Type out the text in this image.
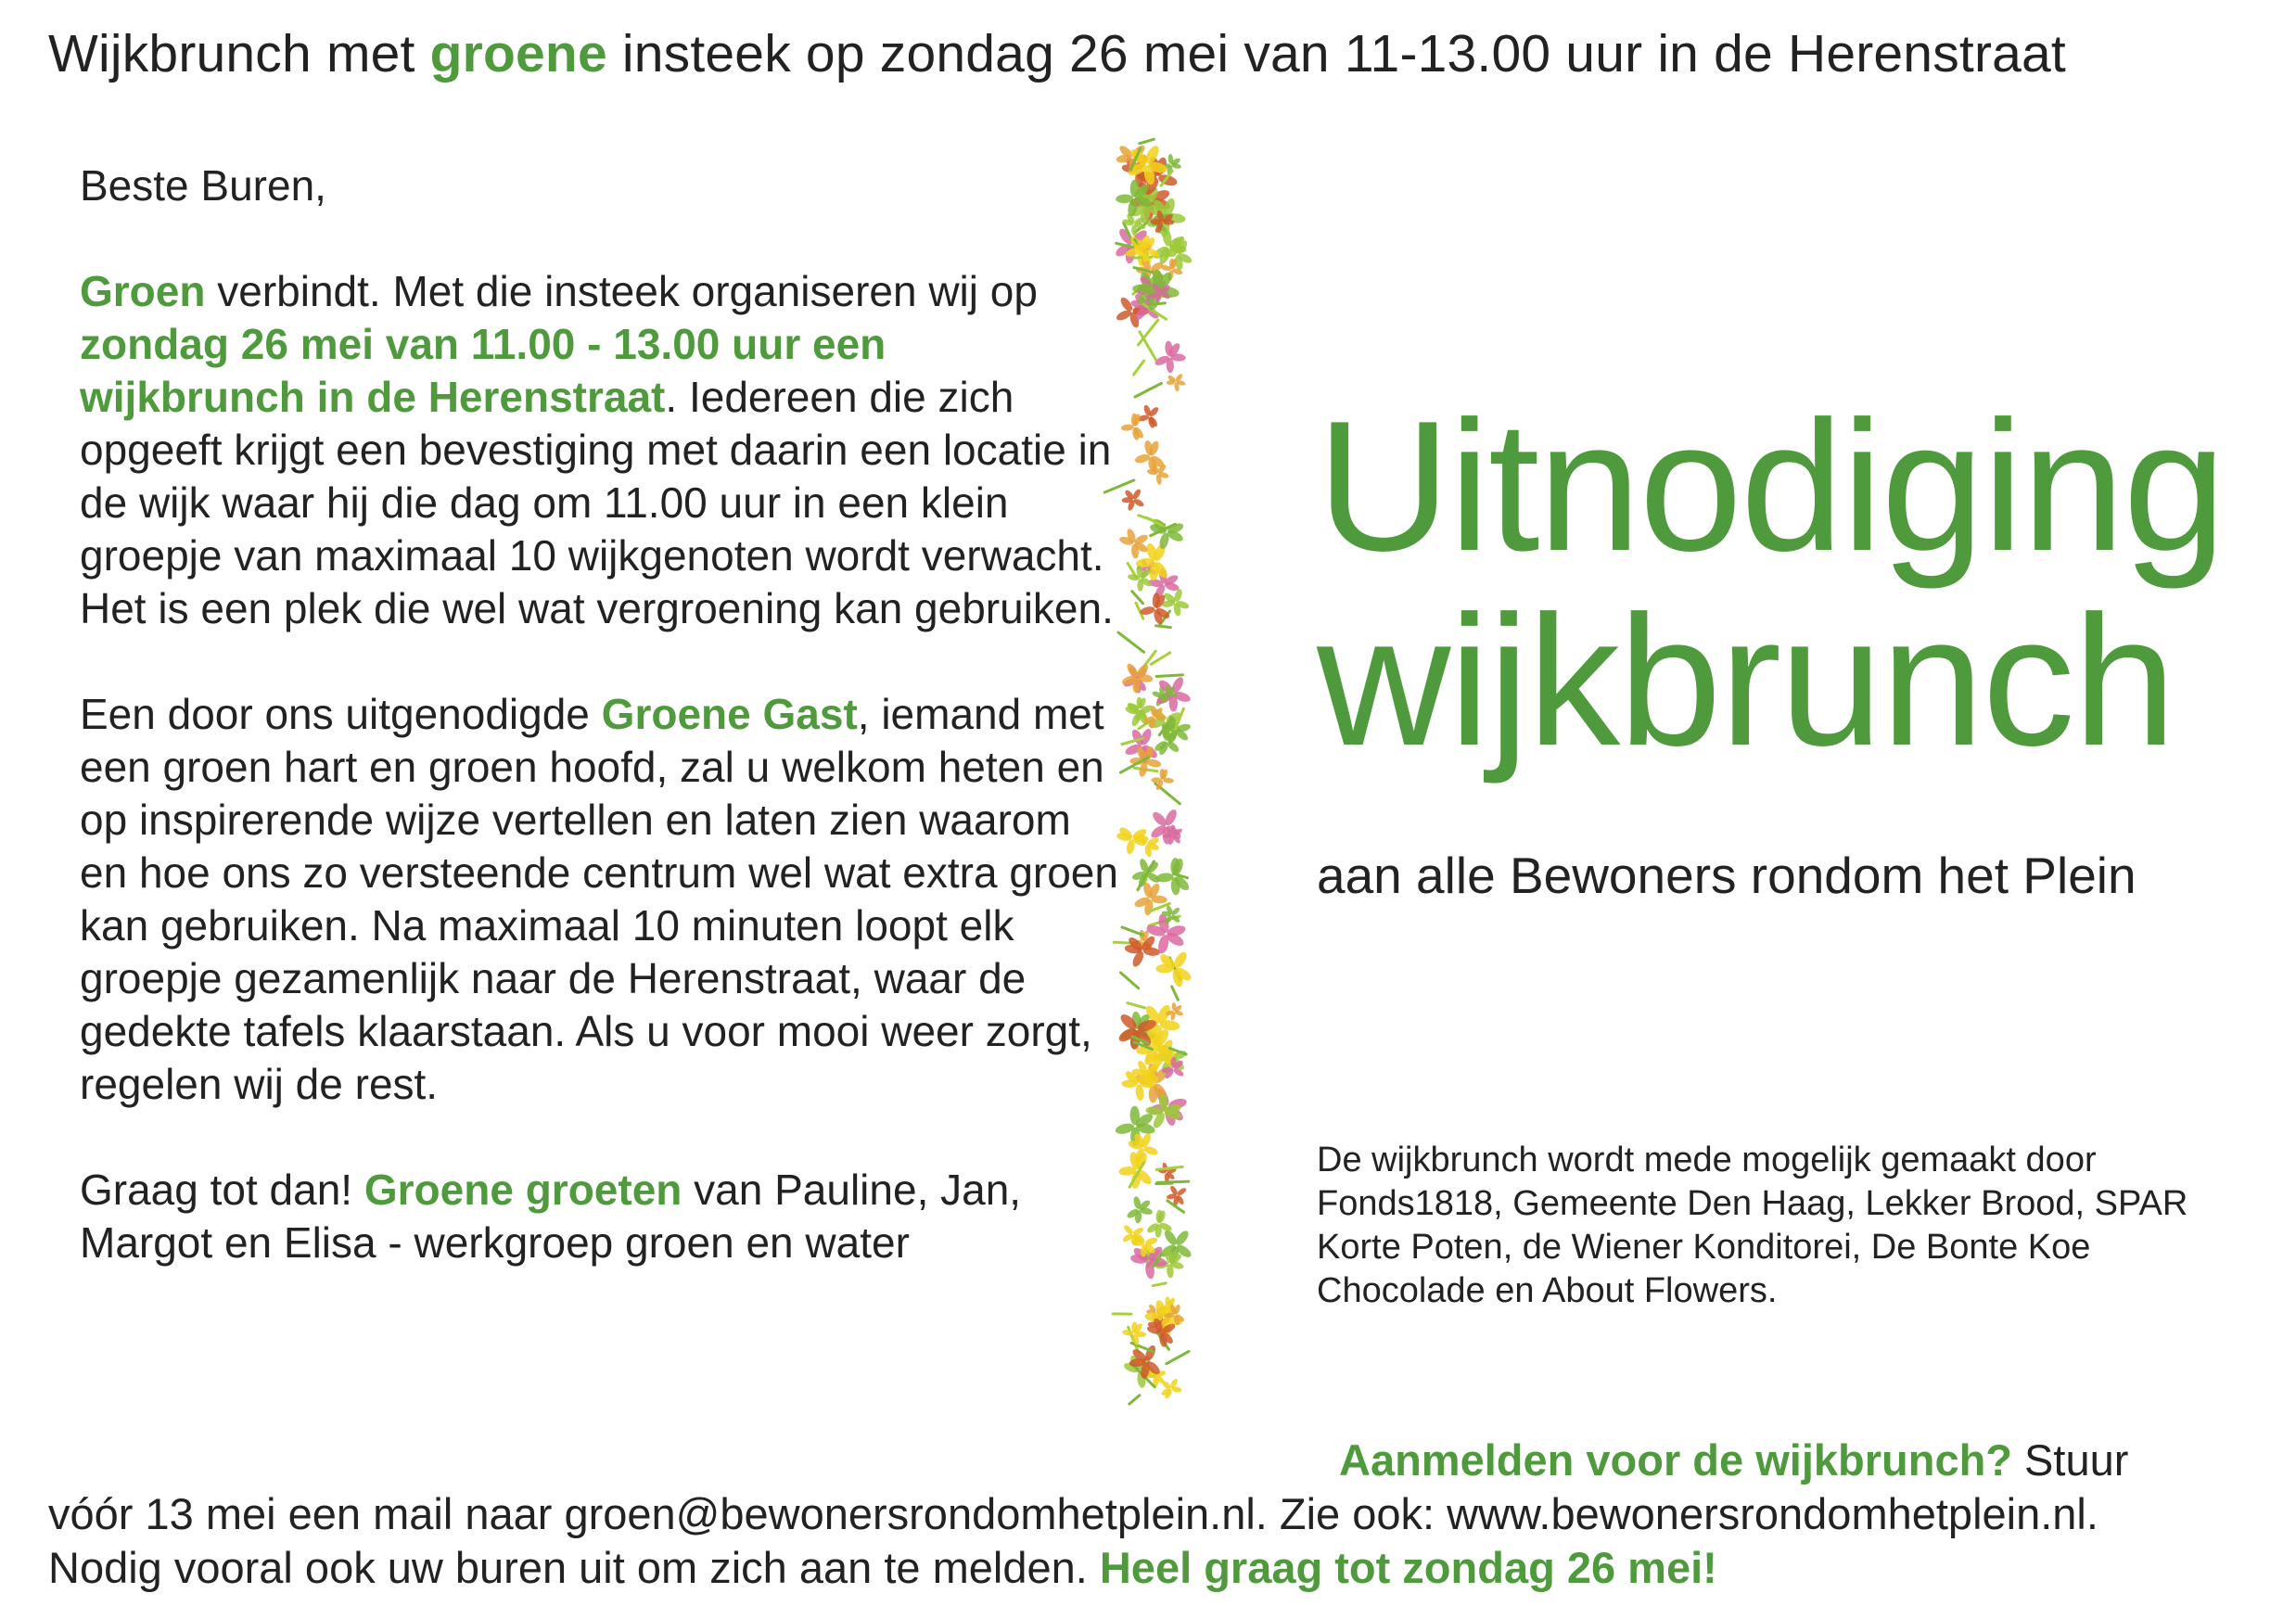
Wijkbrunch met groene insteek op zondag 26 mei van 11-13.00 uur in de Herenstraat

Beste Buren,

Groen verbindt. Met die insteek organiseren wij op zondag 26 mei van 11.00 - 13.00 uur een wijkbrunch in de Herenstraat. Iedereen die zich opgeeft krijgt een bevestiging met daarin een locatie in de wijk waar hij die dag om 11.00 uur in een klein groepje van maximaal 10 wijkgenoten wordt verwacht. Het is een plek die wel wat vergroening kan gebruiken.

Een door ons uitgenodigde Groene Gast, iemand met een groen hart en groen hoofd, zal u welkom heten en op inspirerende wijze vertellen en laten zien waarom en hoe ons zo versteende centrum wel wat extra groen kan gebruiken. Na maximaal 10 minuten loopt elk groepje gezamenlijk naar de Herenstraat, waar de gedekte tafels klaarstaan. Als u voor mooi weer zorgt, regelen wij de rest.

Graag tot dan! Groene groeten van Pauline, Jan, Margot en Elisa - werkgroep groen en water

Uitnodiging
wijkbrunch
aan alle Bewoners rondom het Plein
De wijkbrunch wordt mede mogelijk gemaakt door Fonds1818, Gemeente Den Haag, Lekker Brood, SPAR Korte Poten, de Wiener Konditorei, De Bonte Koe Chocolade en About Flowers.
Aanmelden voor de wijkbrunch? Stuur
vóór 13 mei een mail naar groen@bewonersrondomhetplein.nl. Zie ook: www.bewonersrondomhetplein.nl.
Nodig vooral ook uw buren uit om zich aan te melden. Heel graag tot zondag 26 mei!
